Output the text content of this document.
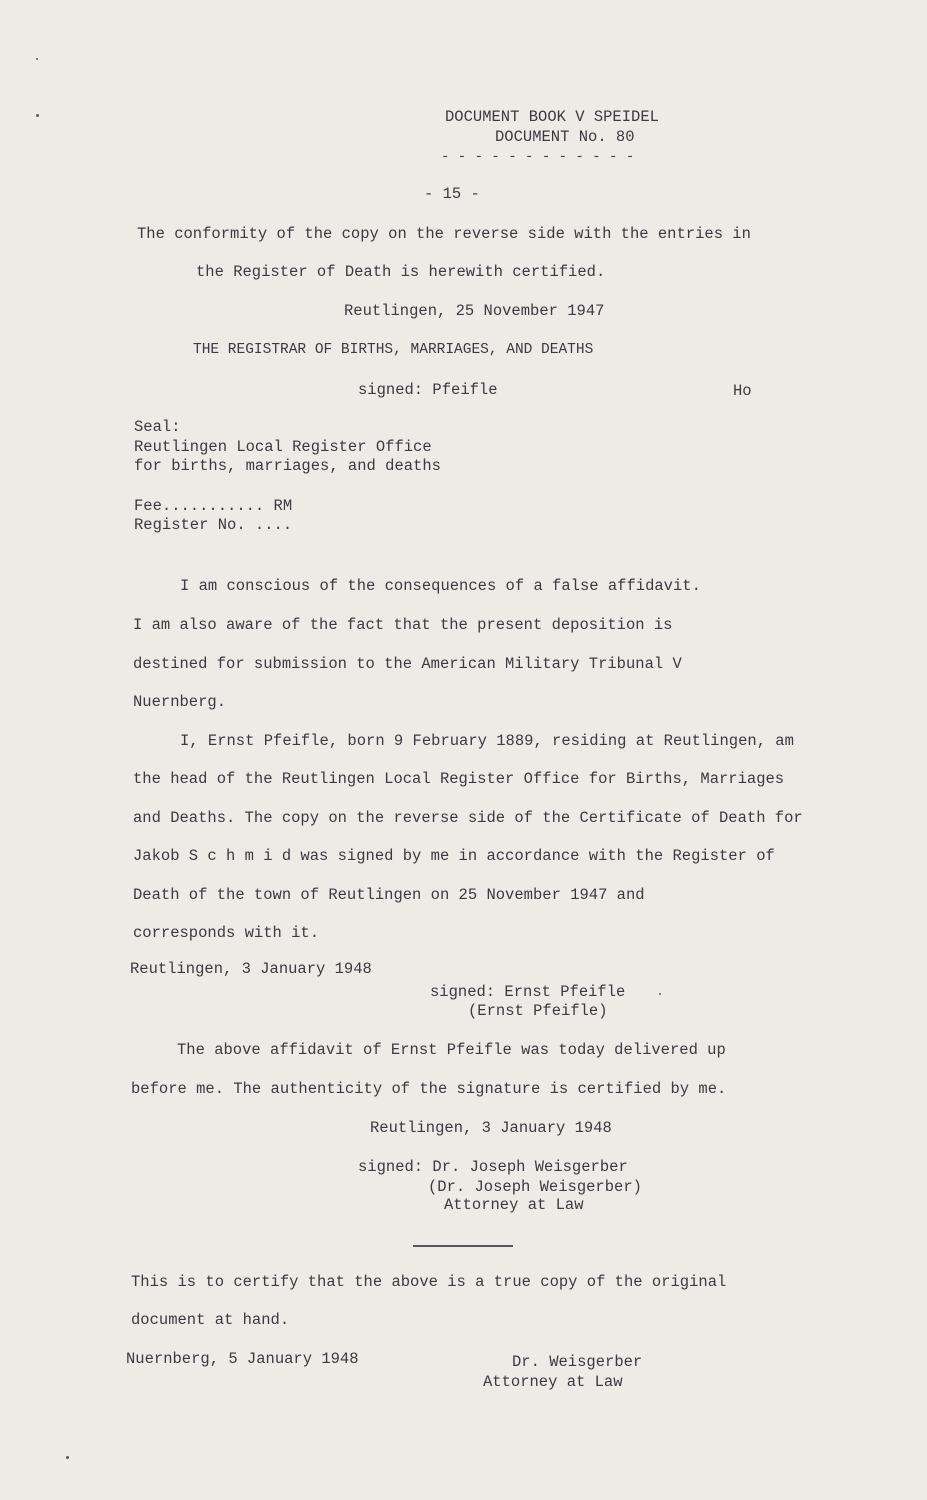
DOCUMENT BOOK V SPEIDEL
DOCUMENT No. 80
- - - - - - - - - - - -
- 15 -
The conformity of the copy on the reverse side with the entries in
the Register of Death is herewith certified.
Reutlingen, 25 November 1947
THE REGISTRAR OF BIRTHS, MARRIAGES, AND DEATHS
signed: Pfeifle	Ho
Seal:
Reutlingen Local Register Office
for births, marriages, and deaths
Fee........... RM
Register No. ....
I am conscious of the consequences of a false affidavit.
I am also aware of the fact that the present deposition is
destined for submission to the American Military Tribunal V
Nuernberg.
I, Ernst Pfeifle, born 9 February 1889, residing at Reutlingen, am
the head of the Reutlingen Local Register Office for Births, Marriages
and Deaths. The copy on the reverse side of the Certificate of Death for
Jakob S c h m i d was signed by me in accordance with the Register of
Death of the town of Reutlingen on 25 November 1947 and
corresponds with it.
Reutlingen, 3 January 1948
signed: Ernst Pfeifle
(Ernst Pfeifle)
The above affidavit of Ernst Pfeifle was today delivered up
before me. The authenticity of the signature is certified by me.
Reutlingen, 3 January 1948
signed: Dr. Joseph Weisgerber
(Dr. Joseph Weisgerber)
Attorney at Law
This is to certify that the above is a true copy of the original
document at hand.
Nuernberg, 5 January 1948	Dr. Weisgerber
Attorney at Law
